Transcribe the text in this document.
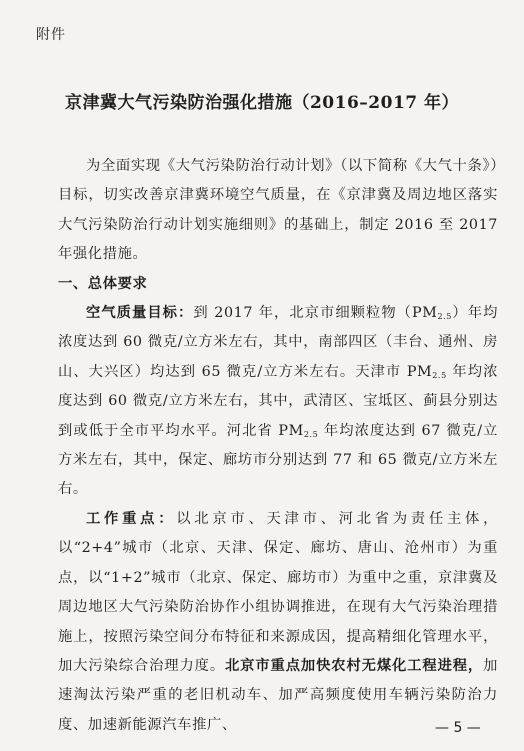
附件
京津冀大气污染防治强化措施（2016–2017 年）

为全面实现《大气污染防治行动计划》（以下简称《大气十条》）目标，切实改善京津冀环境空气质量，在《京津冀及周边地区落实大气污染防治行动计划实施细则》的基础上，制定 2016 至 2017 年强化措施。

一、总体要求

空气质量目标：到 2017 年，北京市细颗粒物$(PM_{2.5})$年均浓度达到 60 微克/立方米左右，其中，南部四区（丰台、通州、房山、大兴区）均达到 65 微克/立方米左右。天津市 $PM_{2.5}$ 年均浓度达到 60 微克/立方米左右，其中，武清区、宝坻区、蓟县分别达到或低于全市平均水平。河北省 $PM_{2.5}$ 年均浓度达到 67 微克/立方米左右，其中，保定、廊坊市分别达到 77 和 65 微克/立方米左右。

工作重点：以北京市、天津市、河北省为责任主体，以“2+4”城市（北京、天津、保定、廊坊、唐山、沧州市）为重点，以“1+2”城市（北京、保定、廊坊市）为重中之重，京津冀及周边地区大气污染防治协作小组协调推进，在现有大气污染治理措施上，按照污染空间分布特征和来源成因，提高精细化管理水平，加大污染综合治理力度。北京市重点加快农村无煤化工程进程，加速淘汰污染严重的老旧机动车、加严高频度使用车辆污染防治力度、加速新能源汽车推广、	— 5 —
